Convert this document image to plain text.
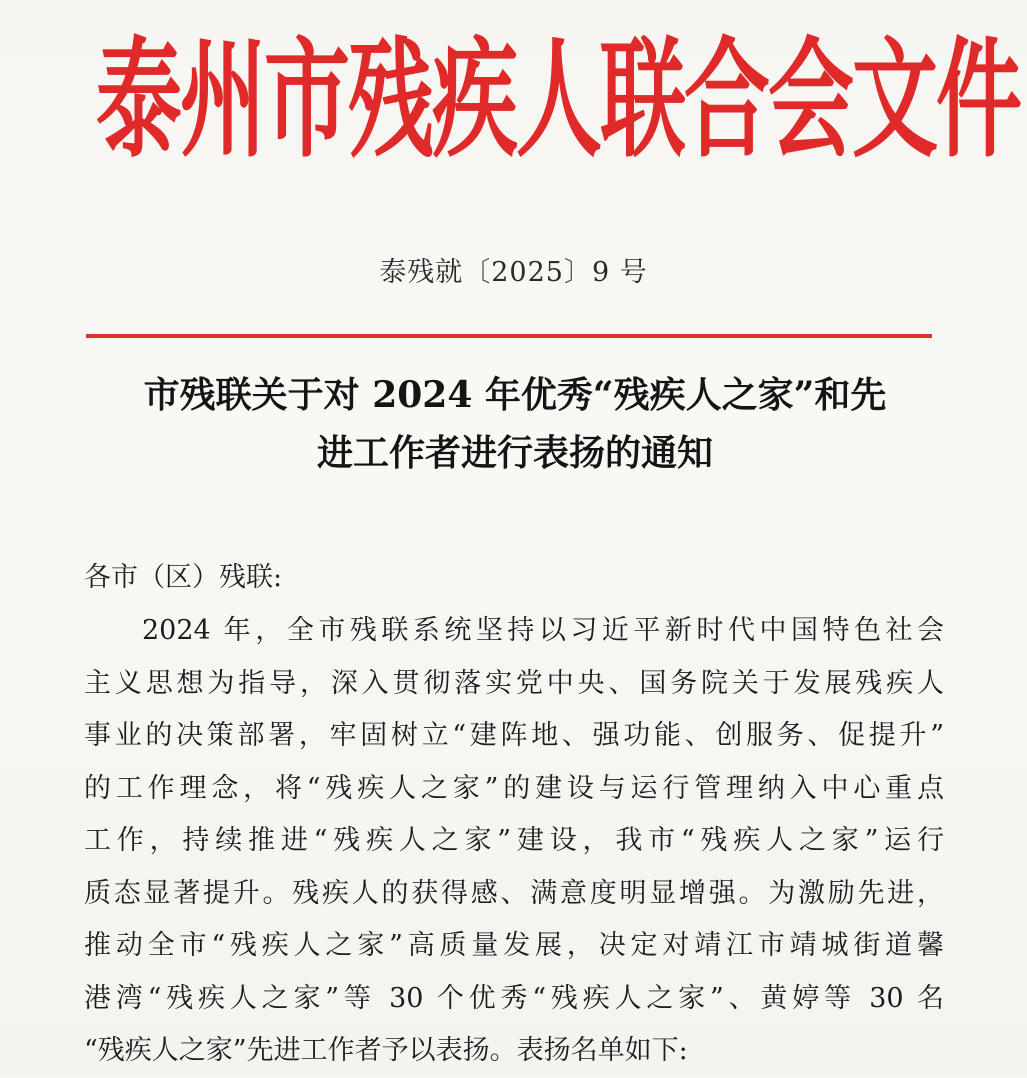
泰州市残疾人联合会文件
泰残就〔2025〕9 号
市残联关于对 2024 年优秀“残疾人之家”和先
进工作者进行表扬的通知
各市（区）残联:
2024 年，全市残联系统坚持以习近平新时代中国特色社会
主义思想为指导，深入贯彻落实党中央、国务院关于发展残疾人
事业的决策部署，牢固树立“建阵地、强功能、创服务、促提升”
的工作理念，将“残疾人之家”的建设与运行管理纳入中心重点
工作，持续推进“残疾人之家”建设，我市“残疾人之家”运行
质态显著提升。残疾人的获得感、满意度明显增强。为激励先进，
推动全市“残疾人之家”高质量发展，决定对靖江市靖城街道馨
港湾“残疾人之家”等 30 个优秀“残疾人之家”、黄婷等 30 名
“残疾人之家”先进工作者予以表扬。表扬名单如下:
